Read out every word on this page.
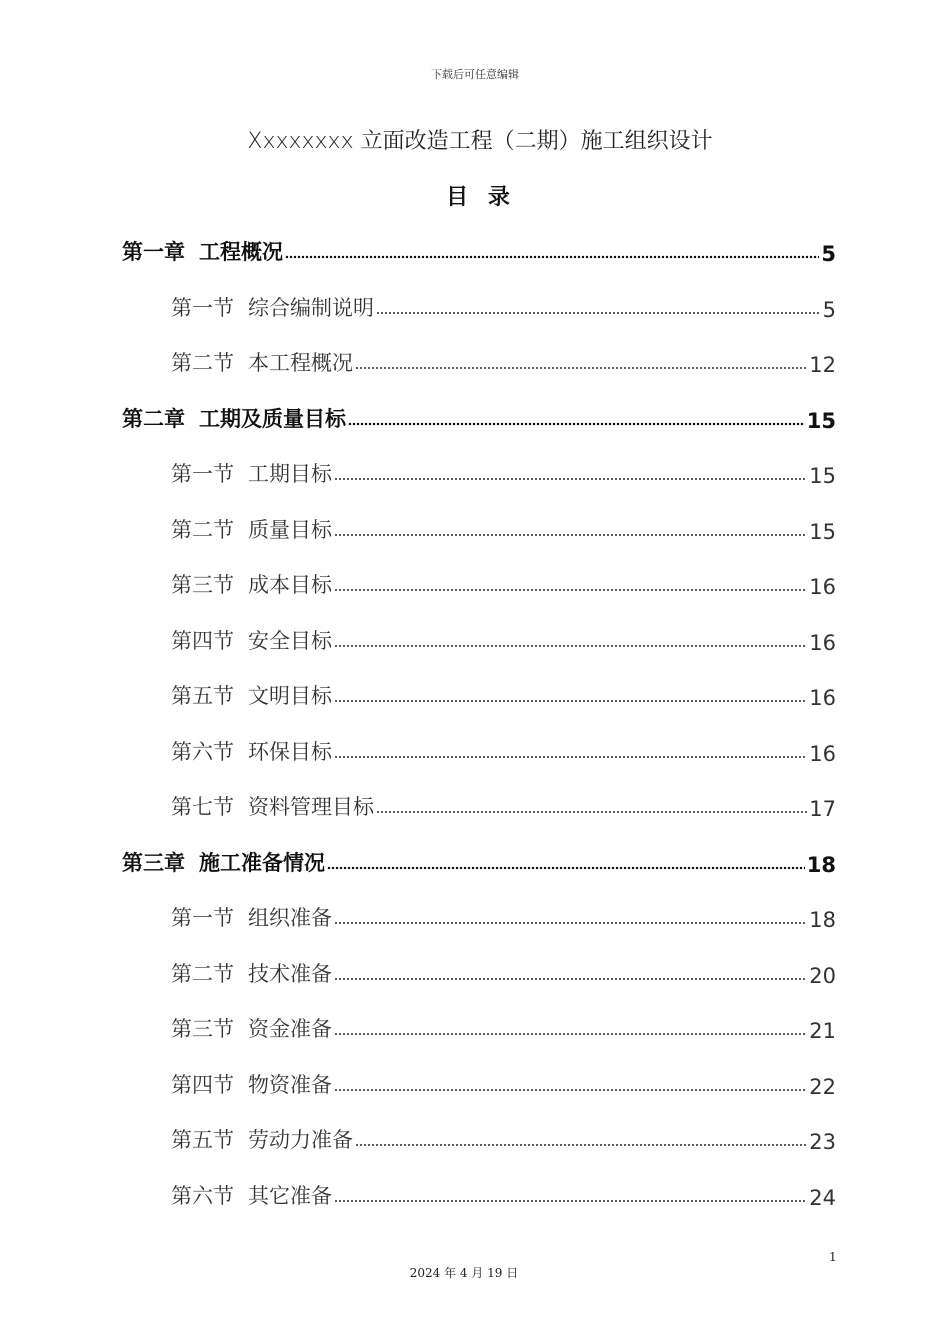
下载后可任意编辑
Xxxxxxxx 立面改造工程（二期）施工组织设计
目 录
第一章 工程概况	5
第一节 综合编制说明	5
第二节 本工程概况	12
第二章 工期及质量目标	15
第一节 工期目标	15
第二节 质量目标	15
第三节 成本目标	16
第四节 安全目标	16
第五节 文明目标	16
第六节 环保目标	16
第七节 资料管理目标	17
第三章 施工准备情况	18
第一节 组织准备	18
第二节 技术准备	20
第三节 资金准备	21
第四节 物资准备	22
第五节 劳动力准备	23
第六节 其它准备	24
1
2024 年 4 月 19 日
